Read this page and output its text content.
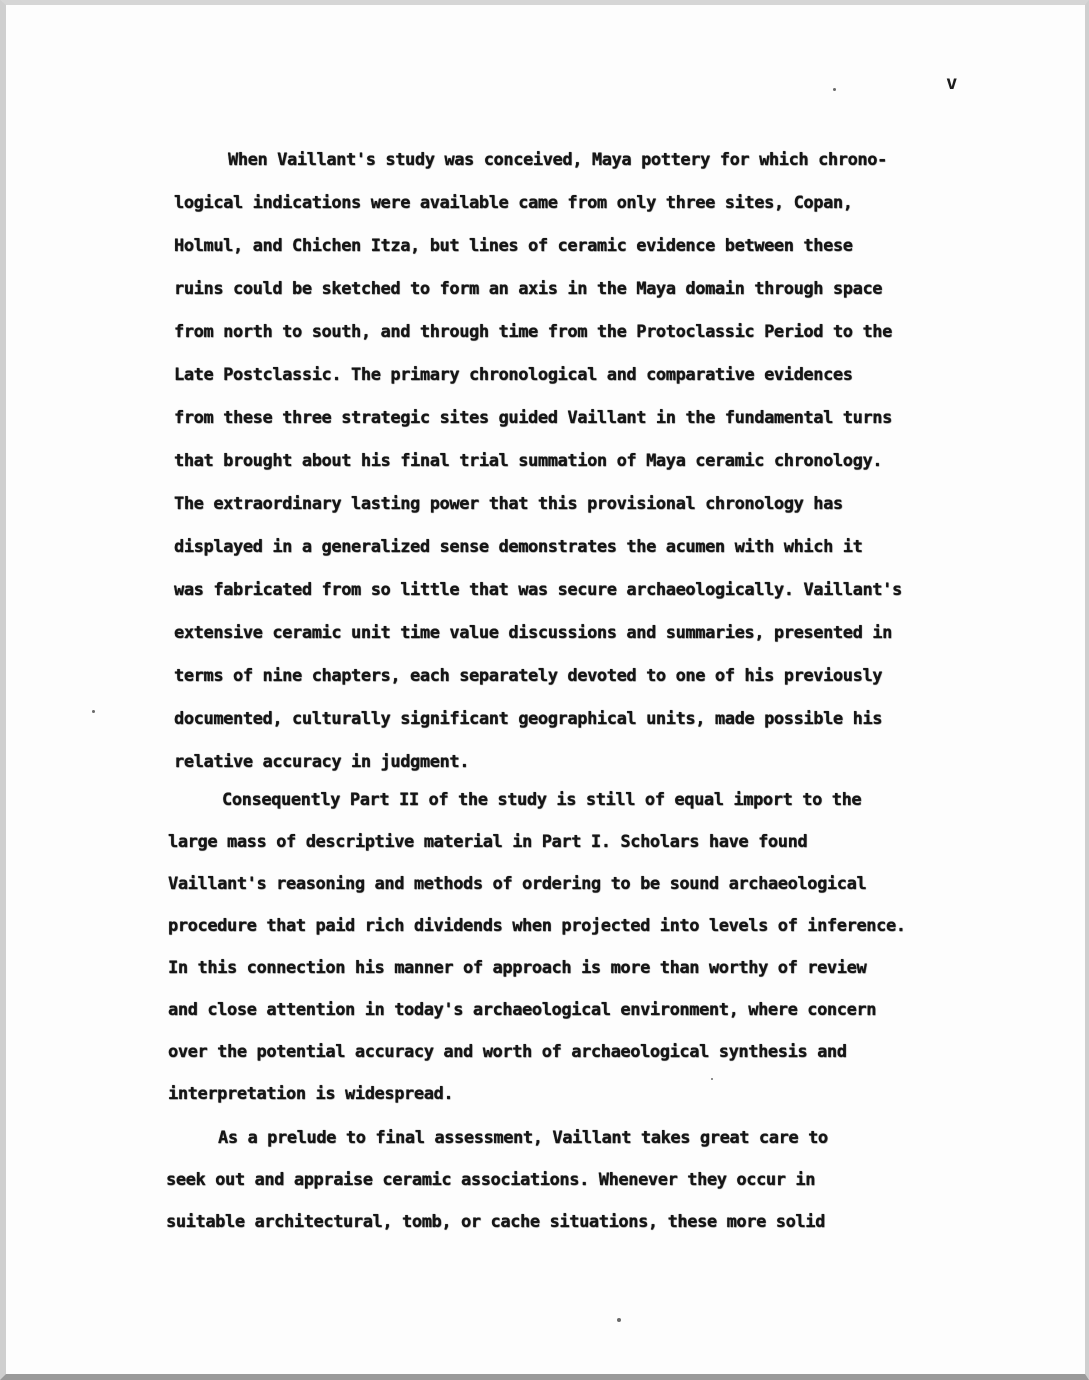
v
When Vaillant's study was conceived, Maya pottery for which chrono-
logical indications were available came from only three sites, Copan,
Holmul, and Chichen Itza, but lines of ceramic evidence between these
ruins could be sketched to form an axis in the Maya domain through space
from north to south, and through time from the Protoclassic Period to the
Late Postclassic. The primary chronological and comparative evidences
from these three strategic sites guided Vaillant in the fundamental turns
that brought about his final trial summation of Maya ceramic chronology.
The extraordinary lasting power that this provisional chronology has
displayed in a generalized sense demonstrates the acumen with which it
was fabricated from so little that was secure archaeologically. Vaillant's
extensive ceramic unit time value discussions and summaries, presented in
terms of nine chapters, each separately devoted to one of his previously
documented, culturally significant geographical units, made possible his
relative accuracy in judgment.
Consequently Part II of the study is still of equal import to the
large mass of descriptive material in Part I. Scholars have found
Vaillant's reasoning and methods of ordering to be sound archaeological
procedure that paid rich dividends when projected into levels of inference.
In this connection his manner of approach is more than worthy of review
and close attention in today's archaeological environment, where concern
over the potential accuracy and worth of archaeological synthesis and
interpretation is widespread.
As a prelude to final assessment, Vaillant takes great care to
seek out and appraise ceramic associations. Whenever they occur in
suitable architectural, tomb, or cache situations, these more solid
